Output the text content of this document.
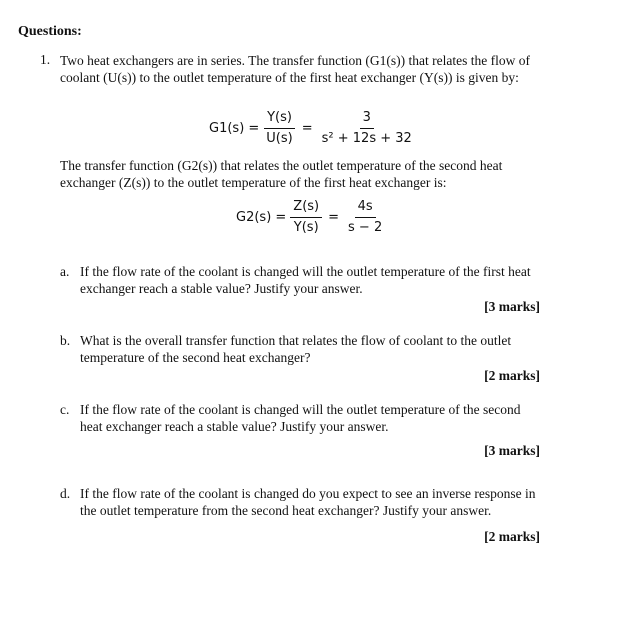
Questions:
1. Two heat exchangers are in series. The transfer function (G1(s)) that relates the flow of coolant (U(s)) to the outlet temperature of the first heat exchanger (Y(s)) is given by:
$G1(s) = \frac{Y(s)}{U(s)} = \frac{3}{\text{s² + 12s + 32}}$
The transfer function (G2(s)) that relates the outlet temperature of the second heat exchanger (Z(s)) to the outlet temperature of the first heat exchanger is:
$G2(s) = \frac{Z(s)}{Y(s)} = \frac{4s}{s - 2}$
a. If the flow rate of the coolant is changed will the outlet temperature of the first heat exchanger reach a stable value? Justify your answer.
[3 marks]
b. What is the overall transfer function that relates the flow of coolant to the outlet temperature of the second heat exchanger?
[2 marks]
c. If the flow rate of the coolant is changed will the outlet temperature of the second heat exchanger reach a stable value? Justify your answer.
[3 marks]
d. If the flow rate of the coolant is changed do you expect to see an inverse response in the outlet temperature from the second heat exchanger? Justify your answer.
[2 marks]
